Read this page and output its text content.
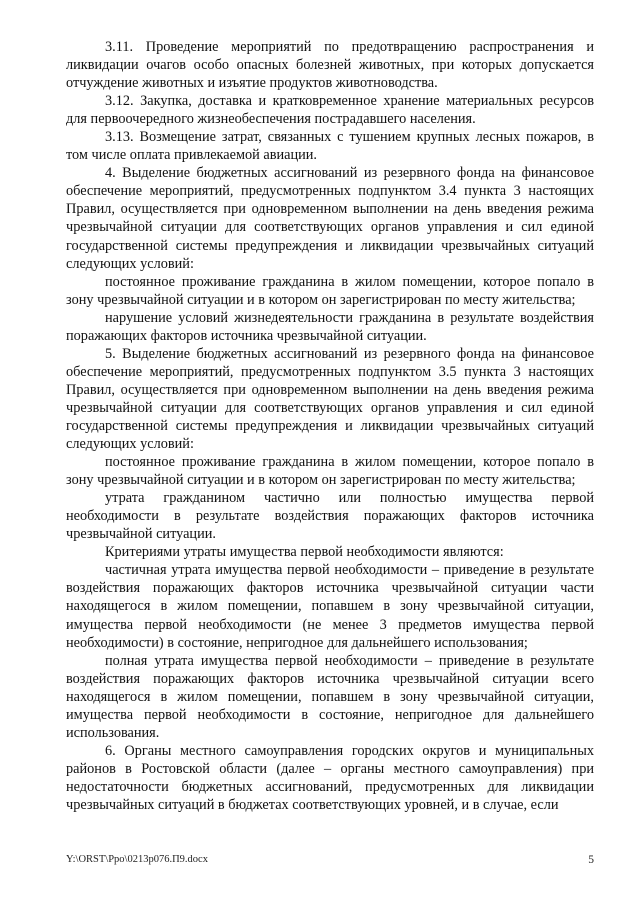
3.11. Проведение мероприятий по предотвращению распространения и ликвидации очагов особо опасных болезней животных, при которых допускается отчуждение животных и изъятие продуктов животноводства.

3.12. Закупка, доставка и кратковременное хранение материальных ресурсов для первоочередного жизнеобеспечения пострадавшего населения.

3.13. Возмещение затрат, связанных с тушением крупных лесных пожаров, в том числе оплата привлекаемой авиации.

4. Выделение бюджетных ассигнований из резервного фонда на финансовое обеспечение мероприятий, предусмотренных подпунктом 3.4 пункта 3 настоящих Правил, осуществляется при одновременном выполнении на день введения режима чрезвычайной ситуации для соответствующих органов управления и сил единой государственной системы предупреждения и ликвидации чрезвычайных ситуаций следующих условий:

постоянное проживание гражданина в жилом помещении, которое попало в зону чрезвычайной ситуации и в котором он зарегистрирован по месту жительства;

нарушение условий жизнедеятельности гражданина в результате воздействия поражающих факторов источника чрезвычайной ситуации.

5. Выделение бюджетных ассигнований из резервного фонда на финансовое обеспечение мероприятий, предусмотренных подпунктом 3.5 пункта 3 настоящих Правил, осуществляется при одновременном выполнении на день введения режима чрезвычайной ситуации для соответствующих органов управления и сил единой государственной системы предупреждения и ликвидации чрезвычайных ситуаций следующих условий:

постоянное проживание гражданина в жилом помещении, которое попало в зону чрезвычайной ситуации и в котором он зарегистрирован по месту жительства;

утрата гражданином частично или полностью имущества первой необходимости в результате воздействия поражающих факторов источника чрезвычайной ситуации.

Критериями утраты имущества первой необходимости являются:

частичная утрата имущества первой необходимости – приведение в результате воздействия поражающих факторов источника чрезвычайной ситуации части находящегося в жилом помещении, попавшем в зону чрезвычайной ситуации, имущества первой необходимости (не менее 3 предметов имущества первой необходимости) в состояние, непригодное для дальнейшего использования;

полная утрата имущества первой необходимости – приведение в результате воздействия поражающих факторов источника чрезвычайной ситуации всего находящегося в жилом помещении, попавшем в зону чрезвычайной ситуации, имущества первой необходимости в состояние, непригодное для дальнейшего использования.

6. Органы местного самоуправления городских округов и муниципальных районов в Ростовской области (далее – органы местного самоуправления) при недостаточности бюджетных ассигнований, предусмотренных для ликвидации чрезвычайных ситуаций в бюджетах соответствующих уровней, и в случае, если

Y:\ORST\Ppo\0213p076.П9.docx	5
